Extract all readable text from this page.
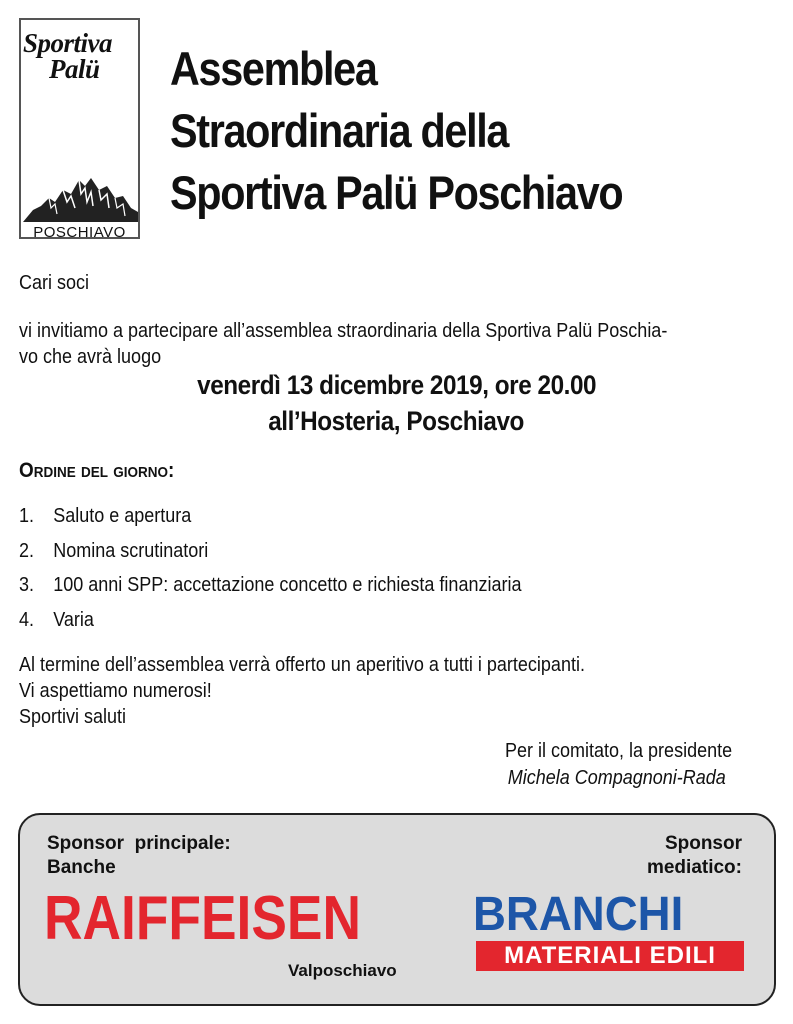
Sportiva
Palü
POSCHIAVO
Assemblea
Straordinaria della
Sportiva Palü Poschiavo

Cari soci

vi invitiamo a partecipare all’assemblea straordinaria della Sportiva Palü Poschia-
vo che avrà luogo

venerdì 13 dicembre 2019, ore 20.00

all’Hosteria, Poschiavo

Ordine del giorno:

1. Saluto e apertura
2. Nomina scrutinatori
3. 100 anni SPP: accettazione concetto e richiesta finanziaria
4. Varia
Al termine dell’assemblea verrà offerto un aperitivo a tutti i partecipanti.
Vi aspettiamo numerosi!
Sportivi saluti
Per il comitato, la presidente
Michela Compagnoni-Rada
Sponsor  principale:
Banche
Sponsor
mediatico:
RAIFFEISEN
Valposchiavo
BRANCHI
MATERIALI EDILI
